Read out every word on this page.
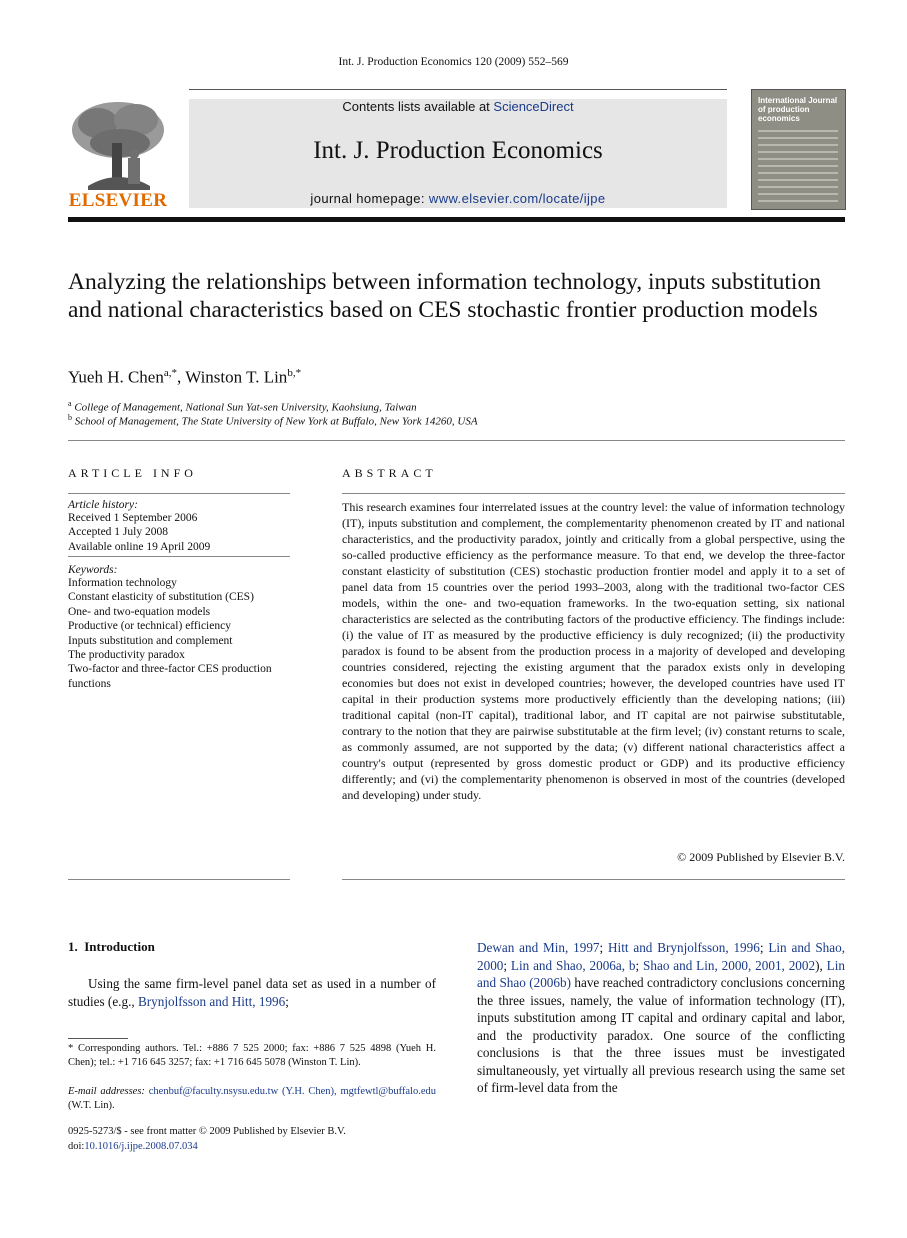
Int. J. Production Economics 120 (2009) 552–569
ELSEVIER
Contents lists available at ScienceDirect
Int. J. Production Economics
journal homepage: www.elsevier.com/locate/ijpe
International Journal of production economics
Analyzing the relationships between information technology, inputs substitution and national characteristics based on CES stochastic frontier production models
Yueh H. Chen$^{a,*}$, Winston T. Lin$^{b,*}$
$^a$ College of Management, National Sun Yat-sen University, Kaohsiung, Taiwan
$^b$ School of Management, The State University of New York at Buffalo, New York 14260, USA
ARTICLE INFO
Article history:
Received 1 September 2006
Accepted 1 July 2008
Available online 19 April 2009
Keywords:
Information technology
Constant elasticity of substitution (CES)
One- and two-equation models
Productive (or technical) efficiency
Inputs substitution and complement
The productivity paradox
Two-factor and three-factor CES production
functions
ABSTRACT
This research examines four interrelated issues at the country level: the value of information technology (IT), inputs substitution and complement, the complementarity phenomenon created by IT and national characteristics, and the productivity paradox, jointly and critically from a global perspective, using the so-called productive efficiency as the performance measure. To that end, we develop the three-factor constant elasticity of substitution (CES) stochastic production frontier model and apply it to a set of panel data from 15 countries over the period 1993–2003, along with the traditional two-factor CES models, within the one- and two-equation frameworks. In the two-equation setting, six national characteristics are selected as the contributing factors of the productive efficiency. The findings include: (i) the value of IT as measured by the productive efficiency is duly recognized; (ii) the productivity paradox is found to be absent from the production process in a majority of developed and developing countries considered, rejecting the existing argument that the paradox exists only in developing economies but does not exist in developed countries; however, the developed countries have used IT capital in their production systems more productively efficiently than the developing nations; (iii) traditional capital (non-IT capital), traditional labor, and IT capital are not pairwise substitutable, contrary to the notion that they are pairwise substitutable at the firm level; (iv) constant returns to scale, as commonly assumed, are not supported by the data; (v) different national characteristics affect a country's output (represented by gross domestic product or GDP) and its productive efficiency differently; and (vi) the complementarity phenomenon is observed in most of the countries (developed and developing) under study.
© 2009 Published by Elsevier B.V.
1. Introduction
Using the same firm-level panel data set as used in a number of studies (e.g., Brynjolfsson and Hitt, 1996;
Dewan and Min, 1997; Hitt and Brynjolfsson, 1996; Lin and Shao, 2000; Lin and Shao, 2006a, b; Shao and Lin, 2000, 2001, 2002), Lin and Shao (2006b) have reached contradictory conclusions concerning the three issues, namely, the value of information technology (IT), inputs substitution among IT capital and ordinary capital and labor, and the productivity paradox. One source of the conflicting conclusions is that the three issues must be investigated simultaneously, yet virtually all previous research using the same set of firm-level data from the
* Corresponding authors. Tel.: +886 7 525 2000; fax: +886 7 525 4898 (Yueh H. Chen); tel.: +1 716 645 3257; fax: +1 716 645 5078 (Winston T. Lin).
E-mail addresses: chenbuf@faculty.nsysu.edu.tw (Y.H. Chen), mgtfewtl@buffalo.edu (W.T. Lin).
0925-5273/$ - see front matter © 2009 Published by Elsevier B.V.
doi:10.1016/j.ijpe.2008.07.034
